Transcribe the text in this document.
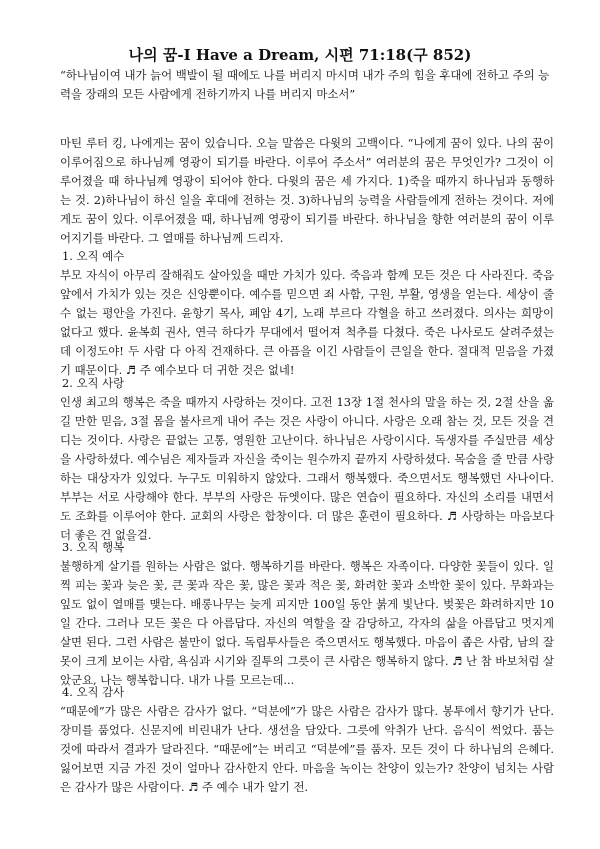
나의 꿈-I Have a Dream, 시편 71:18(구 852)

“하나님이여 내가 늙어 백발이 될 때에도 나를 버리지 마시며 내가 주의 힘을 후대에 전하고 주의 능력을 장래의 모든 사람에게 전하기까지 나를 버리지 마소서”

마틴 루터 킹, 나에게는 꿈이 있습니다. 오늘 말씀은 다윗의 고백이다. “나에게 꿈이 있다. 나의 꿈이 이루어짐으로 하나님께 영광이 되기를 바란다. 이루어 주소서” 여러분의 꿈은 무엇인가? 그것이 이루어졌을 때 하나님께 영광이 되어야 한다. 다윗의 꿈은 세 가지다. 1)죽을 때까지 하나님과 동행하는 것. 2)하나님이 하신 일을 후대에 전하는 것. 3)하나님의 능력을 사람들에게 전하는 것이다. 저에게도 꿈이 있다. 이루어졌을 때, 하나님께 영광이 되기를 바란다. 하나님을 향한 여러분의 꿈이 이루어지기를 바란다. 그 열매를 하나님께 드리자.

1. 오직 예수
부모 자식이 아무리 잘해줘도 살아있을 때만 가치가 있다. 죽음과 함께 모든 것은 다 사라진다. 죽음 앞에서 가치가 있는 것은 신앙뿐이다. 예수를 믿으면 죄 사함, 구원, 부활, 영생을 얻는다. 세상이 줄 수 없는 평안을 가진다. 윤항기 목사, 폐암 4기, 노래 부르다 각혈을 하고 쓰러졌다. 의사는 희망이 없다고 했다. 윤복희 권사, 연극 하다가 무대에서 떨어져 척추를 다쳤다. 죽은 나사로도 살려주셨는데 이정도야! 두 사람 다 아직 건재하다. 큰 아픔을 이긴 사람들이 큰일을 한다. 절대적 믿음을 가졌기 때문이다. ♬ 주 예수보다 더 귀한 것은 없네!
2. 오직 사랑
인생 최고의 행복은 죽을 때까지 사랑하는 것이다. 고전 13장 1절 천사의 말을 하는 것, 2절 산을 옮길 만한 믿음, 3절 몸을 불사르게 내어 주는 것은 사랑이 아니다. 사랑은 오래 참는 것, 모든 것을 견디는 것이다. 사랑은 끝없는 고통, 영원한 고난이다. 하나님은 사랑이시다. 독생자를 주실만큼 세상을 사랑하셨다. 예수님은 제자들과 자신을 죽이는 원수까지 끝까지 사랑하셨다. 목숨을 줄 만큼 사랑하는 대상자가 있었다. 누구도 미워하지 않았다. 그래서 행복했다. 죽으면서도 행복했던 사나이다. 부부는 서로 사랑해야 한다. 부부의 사랑은 듀엣이다. 많은 연습이 필요하다. 자신의 소리를 내면서도 조화를 이루어야 한다. 교회의 사랑은 합창이다. 더 많은 훈련이 필요하다. ♬ 사랑하는 마음보다 더 좋은 건 없을걸.
3. 오직 행복
불행하게 살기를 원하는 사람은 없다. 행복하기를 바란다. 행복은 자족이다. 다양한 꽃들이 있다. 일찍 피는 꽃과 늦은 꽃, 큰 꽃과 작은 꽃, 많은 꽃과 적은 꽃, 화려한 꽃과 소박한 꽃이 있다. 무화과는 잎도 없이 열매를 맺는다. 배롱나무는 늦게 피지만 100일 동안 붉게 빛난다. 벚꽃은 화려하지만 10일 간다. 그러나 모든 꽃은 다 아름답다. 자신의 역할을 잘 감당하고, 각자의 삶을 아름답고 멋지게 살면 된다. 그런 사람은 불만이 없다. 독립투사들은 죽으면서도 행복했다. 마음이 좁은 사람, 남의 잘못이 크게 보이는 사람, 욕심과 시기와 질투의 그릇이 큰 사람은 행복하지 않다. ♬ 난 참 바보처럼 살았군요, 나는 행복합니다. 내가 나를 모르는데...
4. 오직 감사
“때문에”가 많은 사람은 감사가 없다. “덕분에”가 많은 사람은 감사가 많다. 봉투에서 향기가 난다. 장미를 품었다. 신문지에 비린내가 난다. 생선을 담았다. 그릇에 악취가 난다. 음식이 썩었다. 품는 것에 따라서 결과가 달라진다. “때문에”는 버리고 “덕분에”를 품자. 모든 것이 다 하나님의 은혜다. 잃어보면 지금 가진 것이 얼마나 감사한지 안다. 마음을 녹이는 찬양이 있는가? 찬양이 넘치는 사람은 감사가 많은 사람이다. ♬ 주 예수 내가 알기 전.
